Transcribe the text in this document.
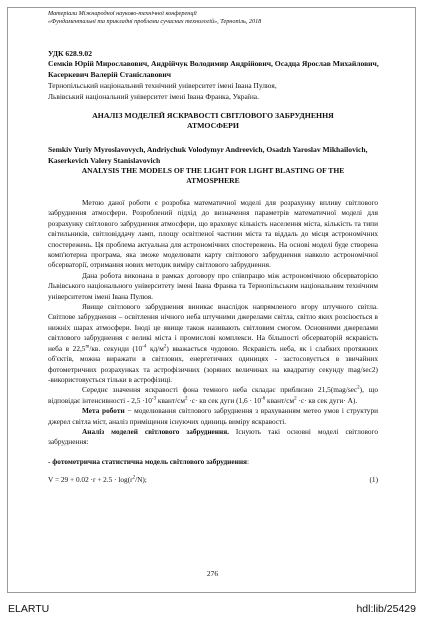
Матеріали Міжнародної науково-технічної конференції
«Фундаментальні та прикладні проблеми сучасних технологій», Тернопіль, 2018
УДК 628.9.02
Семків Юрій Мирославович, Андрійчук Володимир Андрійович, Осадца Ярослав Михайлович, Касеркевич Валерій Станіславович
Тернопільський національний технічний університет імені Івана Пулюя,
Львівський національний університет імені Івана Франка, Україна.
АНАЛІЗ МОДЕЛЕЙ ЯСКРАВОСТІ СВІТЛОВОГО ЗАБРУДНЕННЯ
АТМОСФЕРИ
Semkiv Yuriy Myroslavovych, Andriychuk Volodymyr Andreevich, Osadzh Yaroslav Mikhailovich, Kaserkevich Valery Stanislavovich
ANALYSIS THE MODELS OF THE LIGHT FOR LIGHT BLASTING OF THE
ATMOSPHERE

Метою даної роботи є розробка математичної моделі для розрахунку впливу світлового забруднення атмосфери. Розроблений підхід до визначення параметрів математичної моделі для розрахунку світлового забруднення атмосфери, що враховує кількість населення міста, кількість та типи світильників, світловіддачу ламп, площу освітленої частини міста та віддаль до місця астрономічних спостережень. Ця проблема актуальна для астрономічних спостережень. На основі моделі буде створена комп'ютерна програма, яка зможе моделювати карту світлового забруднення навколо астрономічної обсерваторії, отримання нових методик виміру світлового забруднення.

Дана робота виконана в рамках договору про співпрацю між астрономічною обсерваторією Львівського національного університету імені Івана Франка та Тернопільським національним технічним університетом імені Івана Пулюя.

Явище світлового забруднення виникає внаслідок напрямленого вгору штучного світла. Світлове забруднення – освітлення нічного неба штучними джерелами світла, світло яких розсіюється в нижніх шарах атмосфери. Іноді це явище також називають світловим смогом. Основними джерелами світлового забруднення є великі міста і промислові комплекси. На більшості обсерваторій яскравість неба в 22,5$^m$/кв. секунди ($10^{-4}$ $кд/м^2$) вважається чудовою. Яскравість неба, як і слабких протяжних об'єктів, можна виражати в світлових, енергетичних одиницях - застосовується в звичайних фотометричних розрахунках та астрофізичних (зоряних величинах на квадратну секунду mag/sec2) -використовується тільки в астрофізиці.

Середнє значення яскравості фона темного неба складає приблизно $21,5(mag/\sec^2)$, що відповідає інтенсивності - $2,5 \cdot 10^{-3}$ квант/$см^2 \cdot с\cdot$ кв сек дуги ($1,6 \cdot 10^{-6}$ квант/$см^2 \cdot с\cdot$ кв сек дуги· А).

Мета роботи − моделювання світлового забруднення з врахуванням метео умов і структури джерел світла міст, аналіз приміщення існуючих одиниць виміру яскравості.

Аналіз моделей світлового забруднення. Існують такі основні моделі світлового забруднення:

- фотометрична статистична модель світлового забруднення:

$V = 29 + 0.02 \cdot r + 2.5 \cdot \log(r^2/N)$;	(1)
276
ELARTU	hdl:lib/25429
